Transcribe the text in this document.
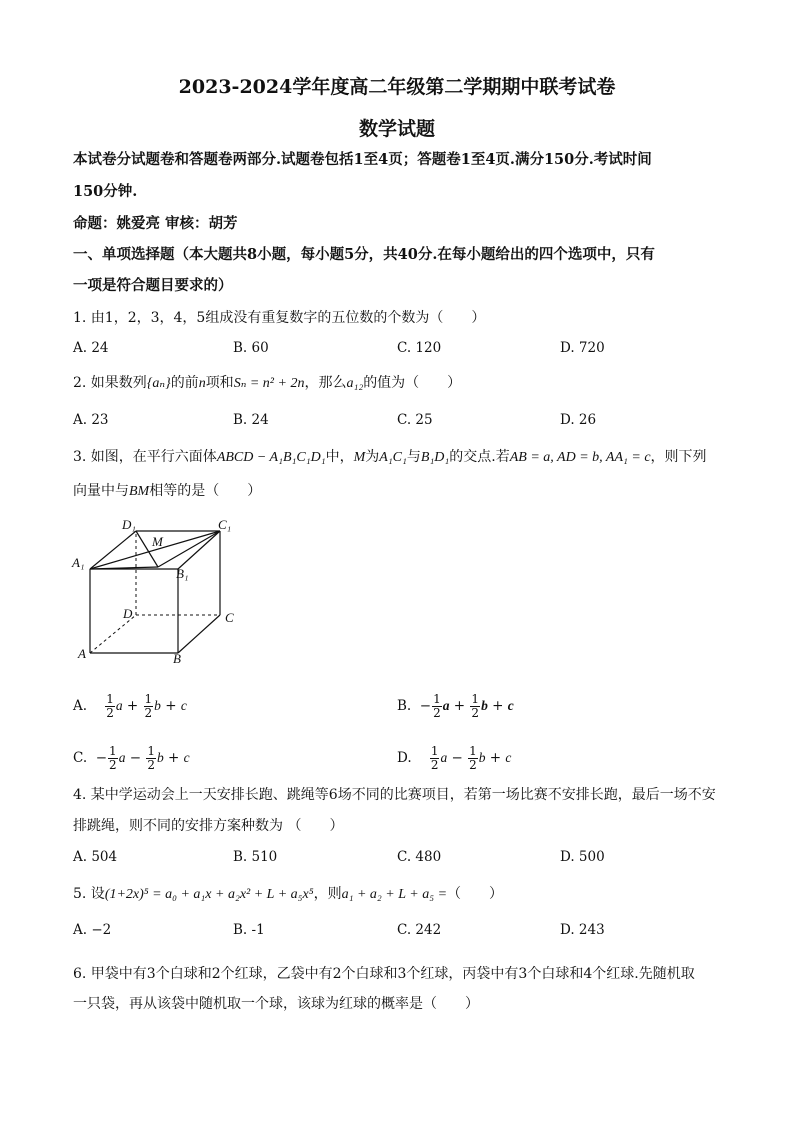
2023-2024学年度高二年级第二学期期中联考试卷
数学试题
本试卷分试题卷和答题卷两部分.试题卷包括1至4页；答题卷1至4页.满分150分.考试时间
150分钟.
命题：姚爱亮 审核：胡芳
一、单项选择题（本大题共8小题，每小题5分，共40分.在每小题给出的四个选项中，只有
一项是符合题目要求的）
1. 由1，2，3，4，5组成没有重复数字的五位数的个数为（　　）
A. 24	B. 60	C. 120	D. 720
2. 如果数列{aₙ}的前n项和Sₙ = n² + 2n，那么a₁₂的值为（　　）
A. 23	B. 24	C. 25	D. 26
3. 如图，在平行六面体ABCD − A₁B₁C₁D₁中，M为A₁C₁与B₁D₁的交点.若AB = a, AD = b, AA₁ = c，则下列
向量中与BM相等的是（　　）
D₁	C₁
M
A₁
B₁
D	C
A	B
A. $\frac{1}{2}$ $a + \frac{1}{2}$ b + c	B.  − $\frac{1}{2}$ $a + \frac{1}{2}$ b + c
C.  − $\frac{1}{2}$ $a - \frac{1}{2}$ b + c	D. $\frac{1}{2}$ $a - \frac{1}{2}$ b + c
4. 某中学运动会上一天安排长跑、跳绳等6场不同的比赛项目，若第一场比赛不安排长跑，最后一场不安
排跳绳，则不同的安排方案种数为 （　　）
A. 504	B. 510	C. 480	D. 500
5. 设(1+2x)⁵ = a₀ + a₁x + a₂x² + L + a₅x⁵，则a₁ + a₂ + L + a₅ =（　　）
A. −2	B. -1	C. 242	D. 243
6. 甲袋中有3个白球和2个红球，乙袋中有2个白球和3个红球，丙袋中有3个白球和4个红球.先随机取
一只袋，再从该袋中随机取一个球，该球为红球的概率是（　　）
